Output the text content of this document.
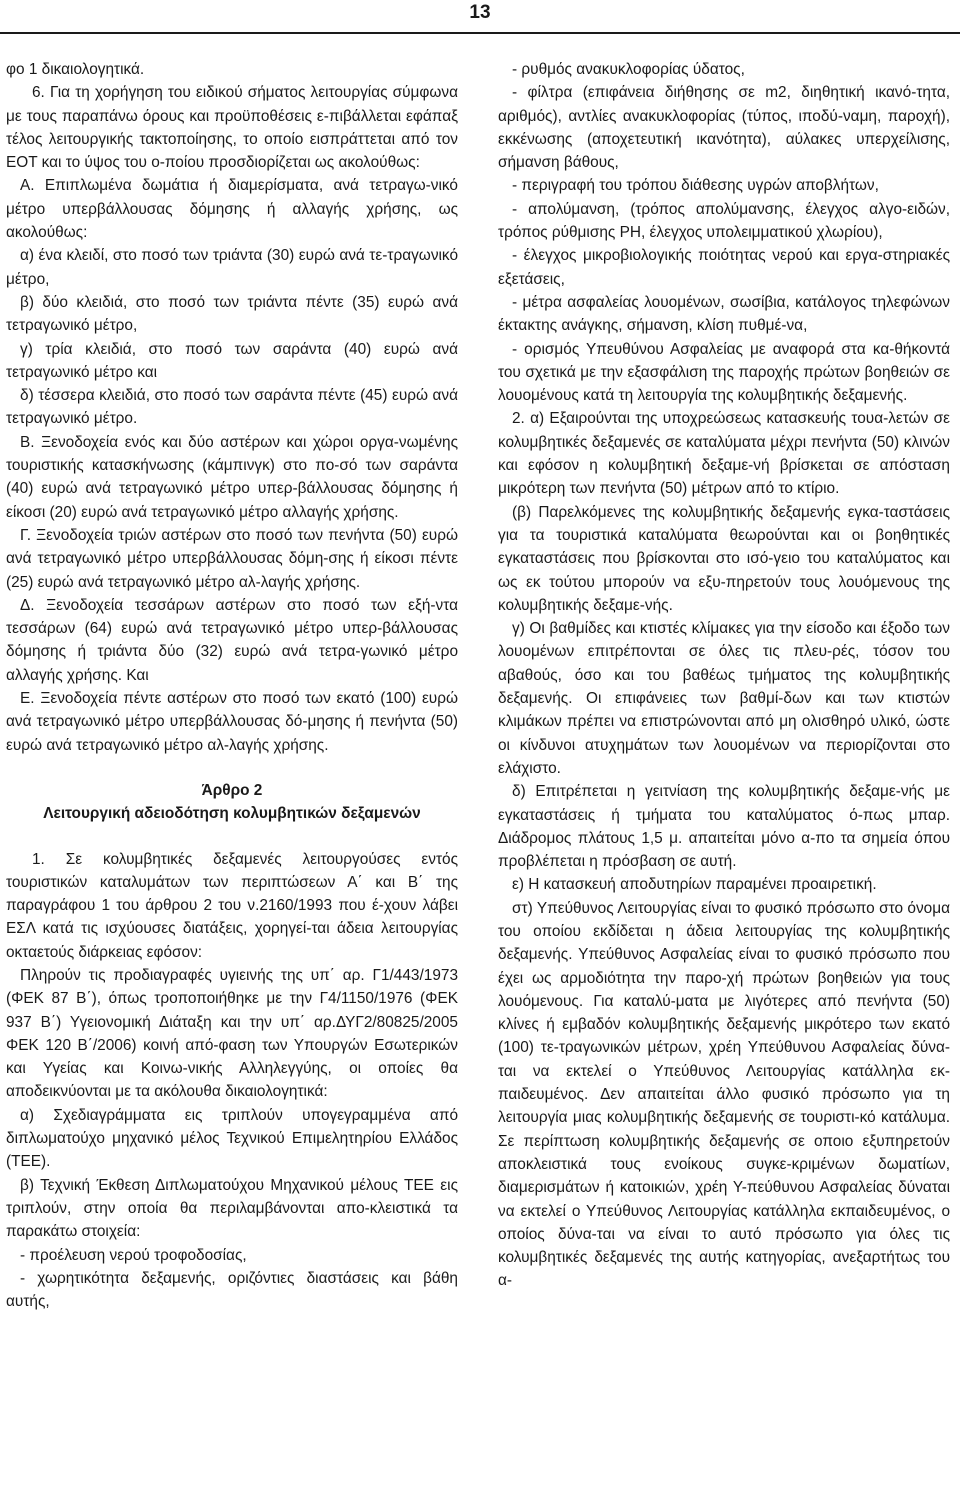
13

φο 1 δικαιολογητικά.

6. Για τη χορήγηση του ειδικού σήματος λειτουργίας σύμφωνα με τους παραπάνω όρους και προϋποθέσεις ε-πιβάλλεται εφάπαξ τέλος λειτουργικής τακτοποίησης, το οποίο εισπράττεται από τον ΕΟΤ και το ύψος του ο-ποίου προσδιορίζεται ως ακολούθως:

Α. Επιπλωμένα δωμάτια ή διαμερίσματα, ανά τετραγω-νικό μέτρο υπερβάλλουσας δόμησης ή αλλαγής χρήσης, ως ακολούθως:

α) ένα κλειδί, στο ποσό των τριάντα (30) ευρώ ανά τε-τραγωνικό μέτρο,

β) δύο κλειδιά, στο ποσό των τριάντα πέντε (35) ευρώ ανά τετραγωνικό μέτρο,

γ) τρία κλειδιά, στο ποσό των σαράντα (40) ευρώ ανά τετραγωνικό μέτρο και

δ) τέσσερα κλειδιά, στο ποσό των σαράντα πέντε (45) ευρώ ανά τετραγωνικό μέτρο.

Β. Ξενοδοχεία ενός και δύο αστέρων και χώροι οργα-νωμένης τουριστικής κατασκήνωσης (κάμπινγκ) στο πο-σό των σαράντα (40) ευρώ ανά τετραγωνικό μέτρο υπερ-βάλλουσας δόμησης ή είκοσι (20) ευρώ ανά τετραγωνικό μέτρο αλλαγής χρήσης.

Γ. Ξενοδοχεία τριών αστέρων στο ποσό των πενήντα (50) ευρώ ανά τετραγωνικό μέτρο υπερβάλλουσας δόμη-σης ή είκοσι πέντε (25) ευρώ ανά τετραγωνικό μέτρο αλ-λαγής χρήσης.

Δ. Ξενοδοχεία τεσσάρων αστέρων στο ποσό των εξή-ντα τεσσάρων (64) ευρώ ανά τετραγωνικό μέτρο υπερ-βάλλουσας δόμησης ή τριάντα δύο (32) ευρώ ανά τετρα-γωνικό μέτρο αλλαγής χρήσης. Και

Ε. Ξενοδοχεία πέντε αστέρων στο ποσό των εκατό (100) ευρώ ανά τετραγωνικό μέτρο υπερβάλλουσας δό-μησης ή πενήντα (50) ευρώ ανά τετραγωνικό μέτρο αλ-λαγής χρήσης.

Άρθρο 2

Λειτουργική αδειοδότηση κολυμβητικών δεξαμενών

1. Σε κολυμβητικές δεξαμενές λειτουργούσες εντός τουριστικών καταλυμάτων των περιπτώσεων Α΄ και Β΄ της παραγράφου 1 του άρθρου 2 του ν.2160/1993 που έ-χουν λάβει ΕΣΛ κατά τις ισχύουσες διατάξεις, χορηγεί-ται άδεια λειτουργίας οκταετούς διάρκειας εφόσον:

Πληρούν τις προδιαγραφές υγιεινής της υπ΄ αρ. Γ1/443/1973 (ΦΕΚ 87 Β΄), όπως τροποποιήθηκε με την Γ4/1150/1976 (ΦΕΚ 937 Β΄) Υγειονομική Διάταξη και την υπ΄ αρ.ΔΥΓ2/80825/2005 ΦΕΚ 120 Β΄/2006) κοινή από-φαση των Υπουργών Εσωτερικών και Υγείας και Κοινω-νικής Αλληλεγγύης, οι οποίες θα αποδεικνύονται με τα ακόλουθα δικαιολογητικά:

α) Σχεδιαγράμματα εις τριπλούν υπογεγραμμένα από διπλωματούχο μηχανικό μέλος Τεχνικού Επιμελητηρίου Ελλάδος (ΤΕΕ).

β) Τεχνική Έκθεση Διπλωματούχου Μηχανικού μέλους ΤΕΕ εις τριπλούν, στην οποία θα περιλαμβάνονται απο-κλειστικά τα παρακάτω στοιχεία:

- προέλευση νερού τροφοδοσίας,

- χωρητικότητα δεξαμενής, οριζόντιες διαστάσεις και βάθη αυτής,

- ρυθμός ανακυκλοφορίας ύδατος,

- φίλτρα (επιφάνεια διήθησης σε m2, διηθητική ικανό-τητα, αριθμός), αντλίες ανακυκλοφορίας (τύπος, ιποδύ-ναμη, παροχή), εκκένωσης (αποχετευτική ικανότητα), αύλακες υπερχείλισης, σήμανση βάθους,

- περιγραφή του τρόπου διάθεσης υγρών αποβλήτων,

- απολύμανση, (τρόπος απολύμανσης, έλεγχος αλγο-ειδών, τρόπος ρύθμισης PH, έλεγχος υπολειμματικού χλωρίου),

- έλεγχος μικροβιολογικής ποιότητας νερού και εργα-στηριακές εξετάσεις,

- μέτρα ασφαλείας λουομένων, σωσίβια, κατάλογος τηλεφώνων έκτακτης ανάγκης, σήμανση, κλίση πυθμέ-να,

- ορισμός Υπευθύνου Ασφαλείας με αναφορά στα κα-θήκοντά του σχετικά με την εξασφάλιση της παροχής πρώτων βοηθειών σε λουομένους κατά τη λειτουργία της κολυμβητικής δεξαμενής.

2. α) Εξαιρούνται της υποχρεώσεως κατασκευής τουα-λετών σε κολυμβητικές δεξαμενές σε καταλύματα μέχρι πενήντα (50) κλινών και εφόσον η κολυμβητική δεξαμε-νή βρίσκεται σε απόσταση μικρότερη των πενήντα (50) μέτρων από το κτίριο.

(β) Παρελκόμενες της κολυμβητικής δεξαμενής εγκα-ταστάσεις για τα τουριστικά καταλύματα θεωρούνται και οι βοηθητικές εγκαταστάσεις που βρίσκονται στο ισό-γειο του καταλύματος και ως εκ τούτου μπορούν να εξυ-πηρετούν τους λουόμενους της κολυμβητικής δεξαμε-νής.

γ) Οι βαθμίδες και κτιστές κλίμακες για την είσοδο και έξοδο των λουομένων επιτρέπονται σε όλες τις πλευ-ρές, τόσον του αβαθούς, όσο και του βαθέως τμήματος της κολυμβητικής δεξαμενής. Οι επιφάνειες των βαθμί-δων και των κτιστών κλιμάκων πρέπει να επιστρώνονται από μη ολισθηρό υλικό, ώστε οι κίνδυνοι ατυχημάτων των λουομένων να περιορίζονται στο ελάχιστο.

δ) Επιτρέπεται η γειτνίαση της κολυμβητικής δεξαμε-νής με εγκαταστάσεις ή τμήματα του καταλύματος ό-πως μπαρ. Διάδρομος πλάτους 1,5 μ. απαιτείται μόνο α-πο τα σημεία όπου προβλέπεται η πρόσβαση σε αυτή.

ε) Η κατασκευή αποδυτηρίων παραμένει προαιρετική.

στ) Υπεύθυνος Λειτουργίας είναι το φυσικό πρόσωπο στο όνομα του οποίου εκδίδεται η άδεια λειτουργίας της κολυμβητικής δεξαμενής. Υπεύθυνος Ασφαλείας είναι το φυσικό πρόσωπο που έχει ως αρμοδιότητα την παρο-χή πρώτων βοηθειών για τους λουόμενους. Για καταλύ-ματα με λιγότερες από πενήντα (50) κλίνες ή εμβαδόν κολυμβητικής δεξαμενής μικρότερο των εκατό (100) τε-τραγωνικών μέτρων, χρέη Υπεύθυνου Ασφαλείας δύνα-ται να εκτελεί ο Υπεύθυνος Λειτουργίας κατάλληλα εκ-παιδευμένος. Δεν απαιτείται άλλο φυσικό πρόσωπο για τη λειτουργία μιας κολυμβητικής δεξαμενής σε τουριστι-κό κατάλυμα. Σε περίπτωση κολυμβητικής δεξαμενής σε οποιο εξυπηρετούν αποκλειστικά τους ενοίκους συγκε-κριμένων δωματίων, διαμερισμάτων ή κατοικιών, χρέη Υ-πεύθυνου Ασφαλείας δύναται να εκτελεί ο Υπεύθυνος Λειτουργίας κατάλληλα εκπαιδευμένος, ο οποίος δύνα-ται να είναι το αυτό πρόσωπο για όλες τις κολυμβητικές δεξαμενές της αυτής κατηγορίας, ανεξαρτήτως του α-
